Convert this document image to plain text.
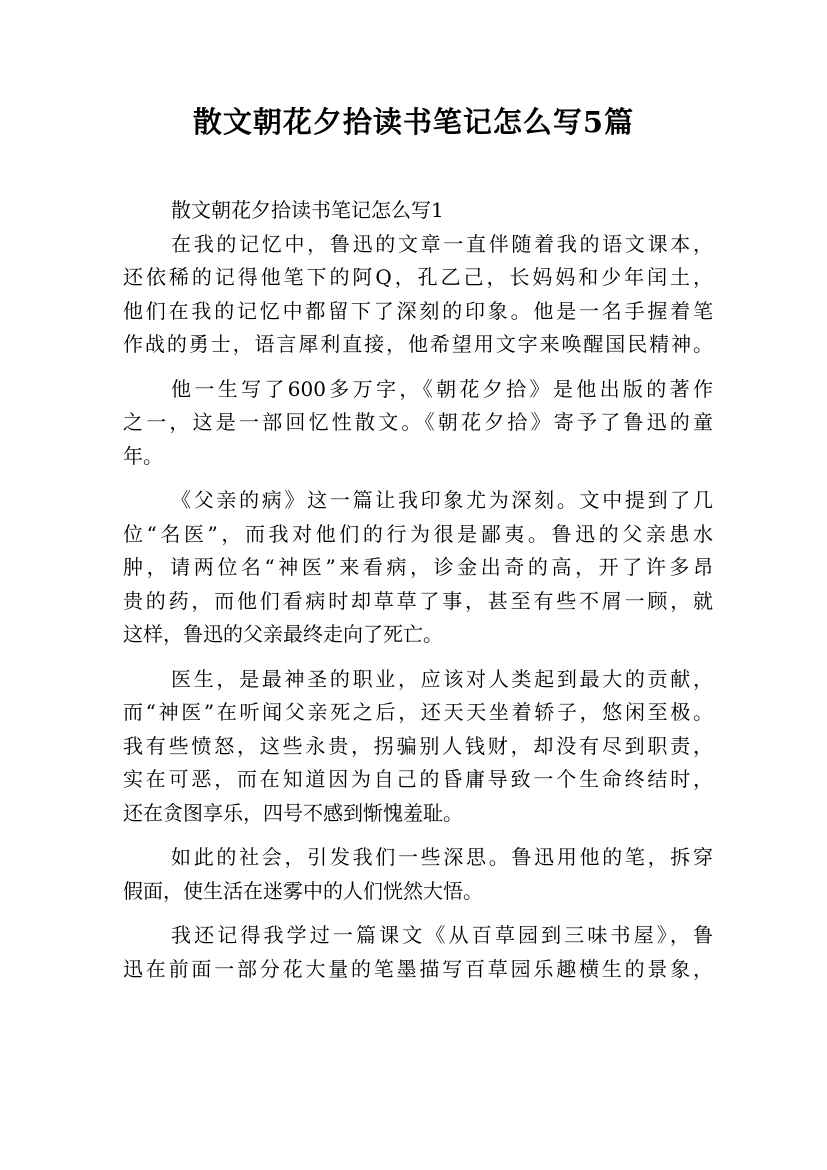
散文朝花夕拾读书笔记怎么写5篇
散文朝花夕拾读书笔记怎么写1
在我的记忆中，鲁迅的文章一直伴随着我的语文课本，
还依稀的记得他笔下的阿Q，孔乙己，长妈妈和少年闰土，
他们在我的记忆中都留下了深刻的印象。他是一名手握着笔
作战的勇士，语言犀利直接，他希望用文字来唤醒国民精神。
他一生写了600多万字，《朝花夕拾》是他出版的著作
之一，这是一部回忆性散文。《朝花夕拾》寄予了鲁迅的童
年。
《父亲的病》这一篇让我印象尤为深刻。文中提到了几
位“名医”，而我对他们的行为很是鄙夷。鲁迅的父亲患水
肿，请两位名“神医”来看病，诊金出奇的高，开了许多昂
贵的药，而他们看病时却草草了事，甚至有些不屑一顾，就
这样，鲁迅的父亲最终走向了死亡。
医生，是最神圣的职业，应该对人类起到最大的贡献，
而“神医”在听闻父亲死之后，还天天坐着轿子，悠闲至极。
我有些愤怒，这些永贵，拐骗别人钱财，却没有尽到职责，
实在可恶，而在知道因为自己的昏庸导致一个生命终结时，
还在贪图享乐，四号不感到惭愧羞耻。
如此的社会，引发我们一些深思。鲁迅用他的笔，拆穿
假面，使生活在迷雾中的人们恍然大悟。
我还记得我学过一篇课文《从百草园到三味书屋》，鲁
迅在前面一部分花大量的笔墨描写百草园乐趣横生的景象，
